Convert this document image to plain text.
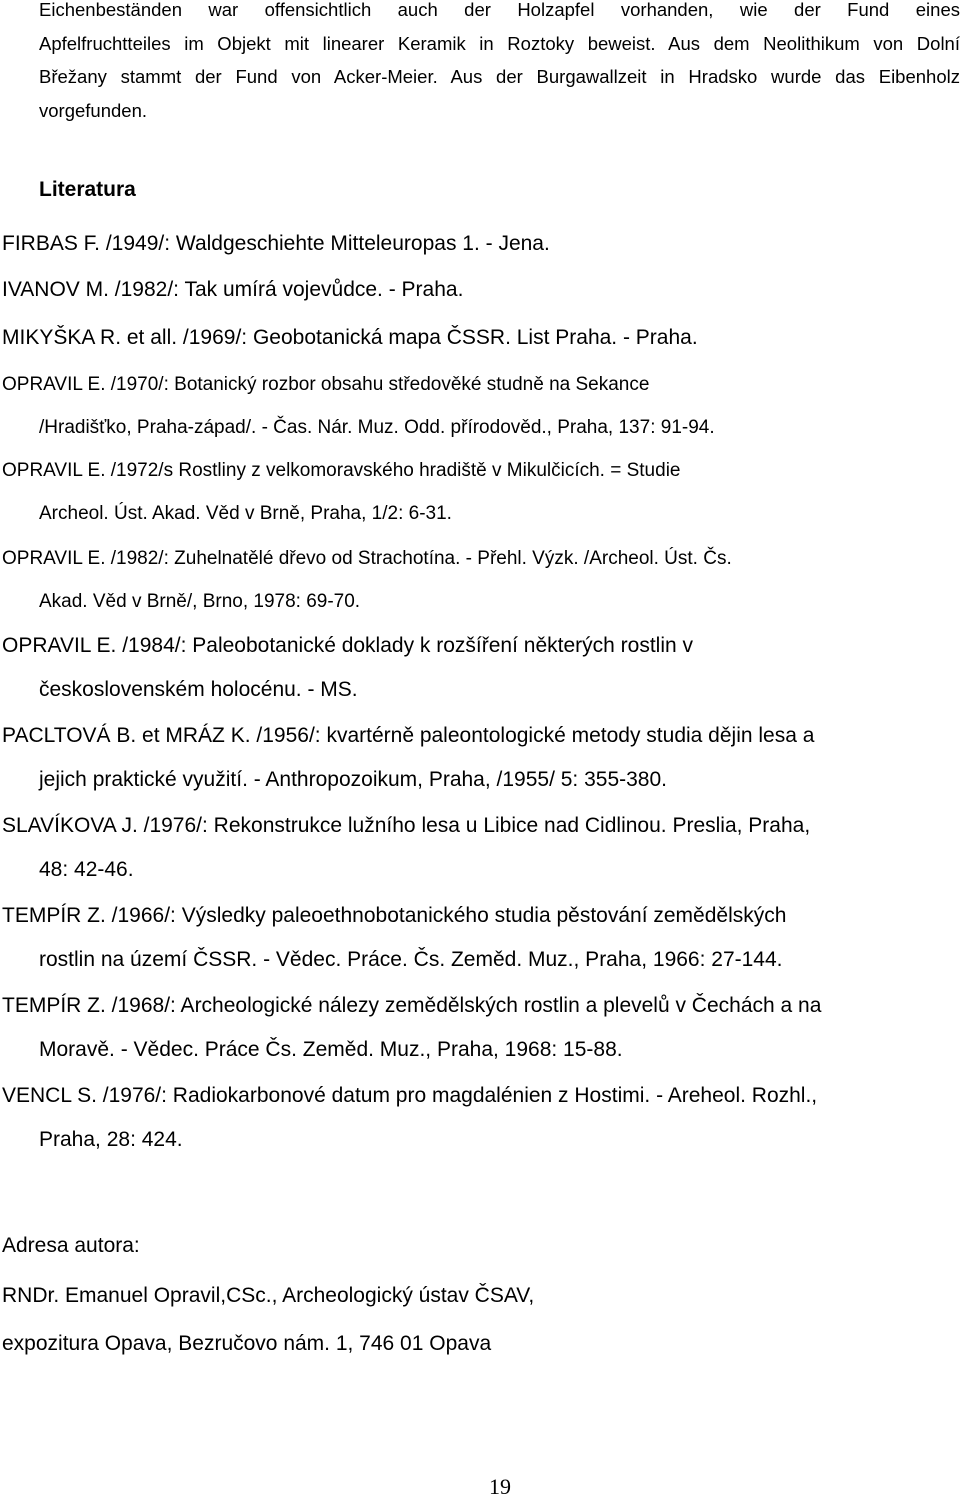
Eichenbeständen war offensichtlich auch der Holzapfel vorhanden, wie der Fund eines
Apfelfruchtteiles im Objekt mit linearer Keramik in Roztoky beweist. Aus dem Neolithikum von Dolní
Břežany stammt der Fund von Acker-Meier. Aus der Burgawallzeit in Hradsko wurde das Eibenholz
vorgefunden.
Literatura
FIRBAS F. /1949/: Waldgeschiehte Mitteleuropas 1. - Jena.
IVANOV M. /1982/: Tak umírá vojevůdce. - Praha.
MIKYŠKA R. et all. /1969/: Geobotanická mapa ČSSR. List Praha. - Praha.
OPRAVIL E. /1970/: Botanický rozbor obsahu středověké studně na Sekance
/Hradišťko, Praha-západ/. - Čas. Nár. Muz. Odd. přírodověd., Praha, 137: 91-94.
OPRAVIL E. /1972/s Rostliny z velkomoravského hradiště v Mikulčicích. = Studie
Archeol. Úst. Akad. Věd v Brně, Praha, 1/2: 6-31.
OPRAVIL E. /1982/: Zuhelnatělé dřevo od Strachotína. - Přehl. Výzk. /Archeol. Úst. Čs.
Akad. Věd v Brně/, Brno, 1978: 69-70.
OPRAVIL E. /1984/: Paleobotanické doklady k rozšíření některých rostlin v
československém holocénu. - MS.
PACLTOVÁ B. et MRÁZ K. /1956/: kvartérně paleontologické metody studia dějin lesa a
jejich praktické využití. - Anthropozoikum, Praha, /1955/ 5: 355-380.
SLAVÍKOVA J. /1976/: Rekonstrukce lužního lesa u Libice nad Cidlinou. Preslia, Praha,
48: 42-46.
TEMPÍR Z. /1966/: Výsledky paleoethnobotanického studia pěstování zemědělských
rostlin na území ČSSR. - Vědec. Práce. Čs. Zeměd. Muz., Praha, 1966: 27-144.
TEMPÍR Z. /1968/: Archeologické nálezy zemědělských rostlin a plevelů v Čechách a na
Moravě. - Vědec. Práce Čs. Zeměd. Muz., Praha, 1968: 15-88.
VENCL S. /1976/: Radiokarbonové datum pro magdalénien z Hostimi. - Areheol. Rozhl.,
Praha, 28: 424.
Adresa autora:
RNDr. Emanuel Opravil,CSc., Archeologický ústav ČSAV,
expozitura Opava, Bezručovo nám. 1, 746 01 Opava
19
